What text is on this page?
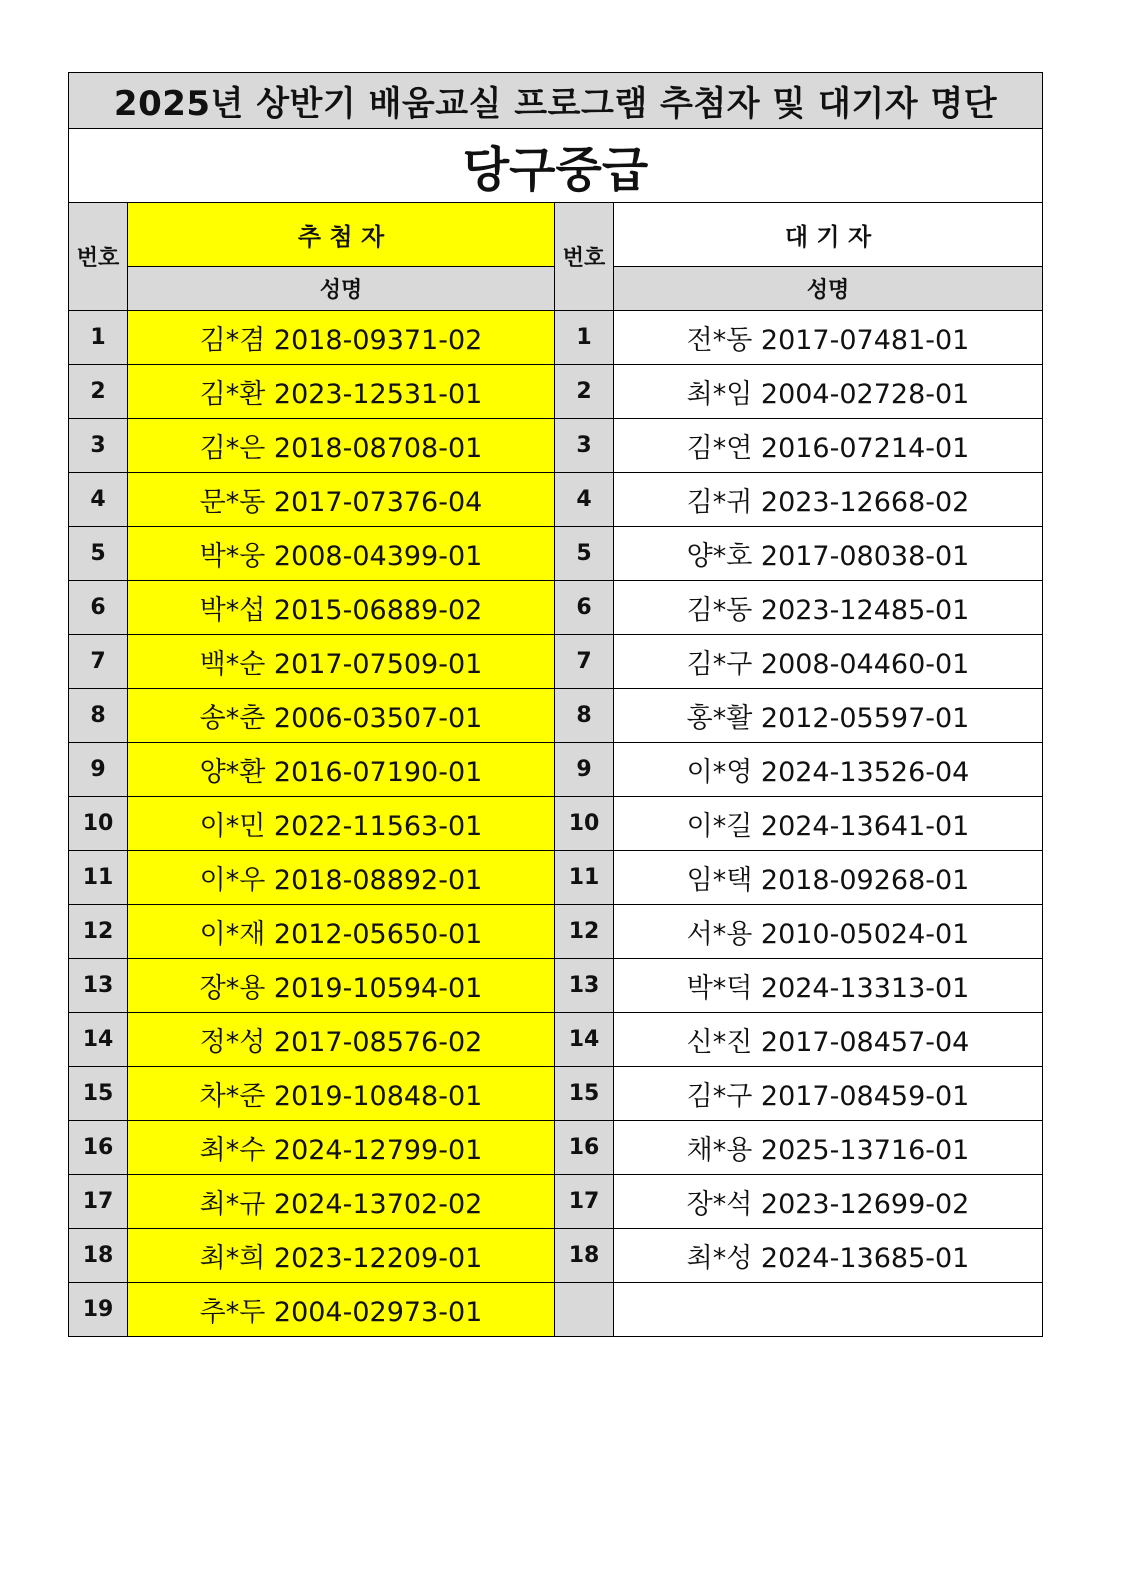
2025년 상반기 배움교실 프로그램 추첨자 및 대기자 명단			
당구중급			
번호	추 첨 자	번호	대 기 자
	성명		성명
1	김*겸 2018-09371-02	1	전*동 2017-07481-01
2	김*환 2023-12531-01	2	최*임 2004-02728-01
3	김*은 2018-08708-01	3	김*연 2016-07214-01
4	문*동 2017-07376-04	4	김*귀 2023-12668-02
5	박*웅 2008-04399-01	5	양*호 2017-08038-01
6	박*섭 2015-06889-02	6	김*동 2023-12485-01
7	백*순 2017-07509-01	7	김*구 2008-04460-01
8	송*춘 2006-03507-01	8	홍*활 2012-05597-01
9	양*환 2016-07190-01	9	이*영 2024-13526-04
10	이*민 2022-11563-01	10	이*길 2024-13641-01
11	이*우 2018-08892-01	11	임*택 2018-09268-01
12	이*재 2012-05650-01	12	서*용 2010-05024-01
13	장*용 2019-10594-01	13	박*덕 2024-13313-01
14	정*성 2017-08576-02	14	신*진 2017-08457-04
15	차*준 2019-10848-01	15	김*구 2017-08459-01
16	최*수 2024-12799-01	16	채*용 2025-13716-01
17	최*규 2024-13702-02	17	장*석 2023-12699-02
18	최*희 2023-12209-01	18	최*성 2024-13685-01
19	추*두 2004-02973-01		
